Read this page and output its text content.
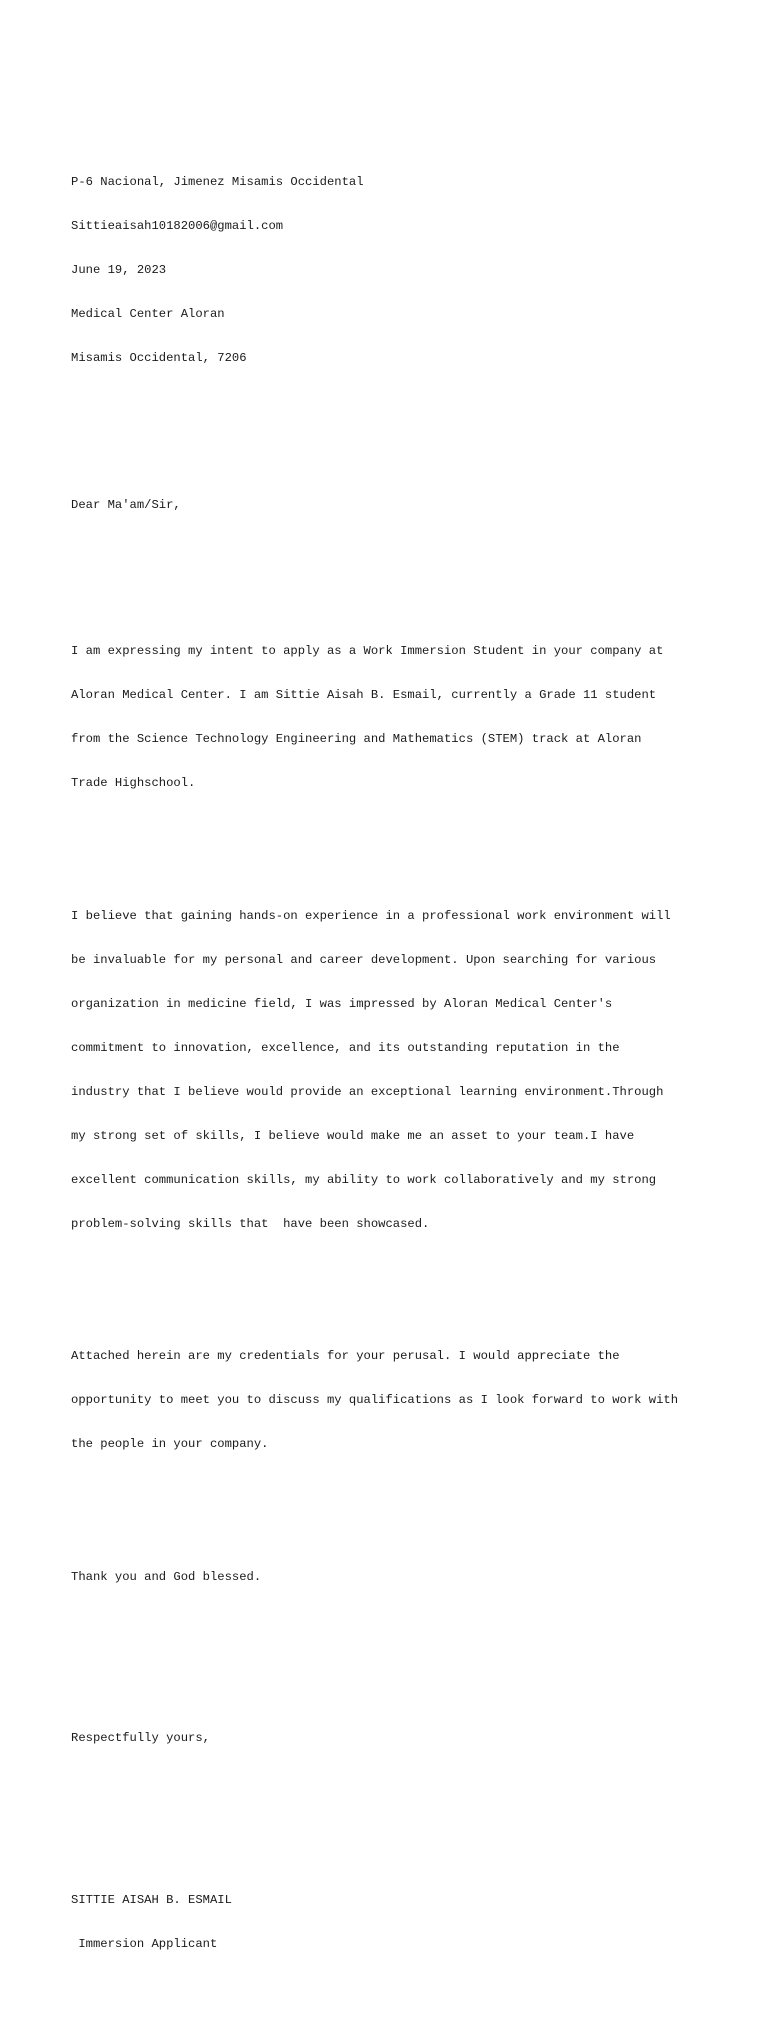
P-6 Nacional, Jimenez Misamis Occidental

Sittieaisah10182006@gmail.com

June 19, 2023

Medical Center Aloran

Misamis Occidental, 7206

Dear Ma'am/Sir,

I am expressing my intent to apply as a Work Immersion Student in your company at

Aloran Medical Center. I am Sittie Aisah B. Esmail, currently a Grade 11 student

from the Science Technology Engineering and Mathematics (STEM) track at Aloran

Trade Highschool.

I believe that gaining hands-on experience in a professional work environment will

be invaluable for my personal and career development. Upon searching for various

organization in medicine field, I was impressed by Aloran Medical Center's

commitment to innovation, excellence, and its outstanding reputation in the

industry that I believe would provide an exceptional learning environment.Through

my strong set of skills, I believe would make me an asset to your team.I have

excellent communication skills, my ability to work collaboratively and my strong

problem-solving skills that  have been showcased.

Attached herein are my credentials for your perusal. I would appreciate the

opportunity to meet you to discuss my qualifications as I look forward to work with

the people in your company.

Thank you and God blessed.

Respectfully yours,

SITTIE AISAH B. ESMAIL

Immersion Applicant
